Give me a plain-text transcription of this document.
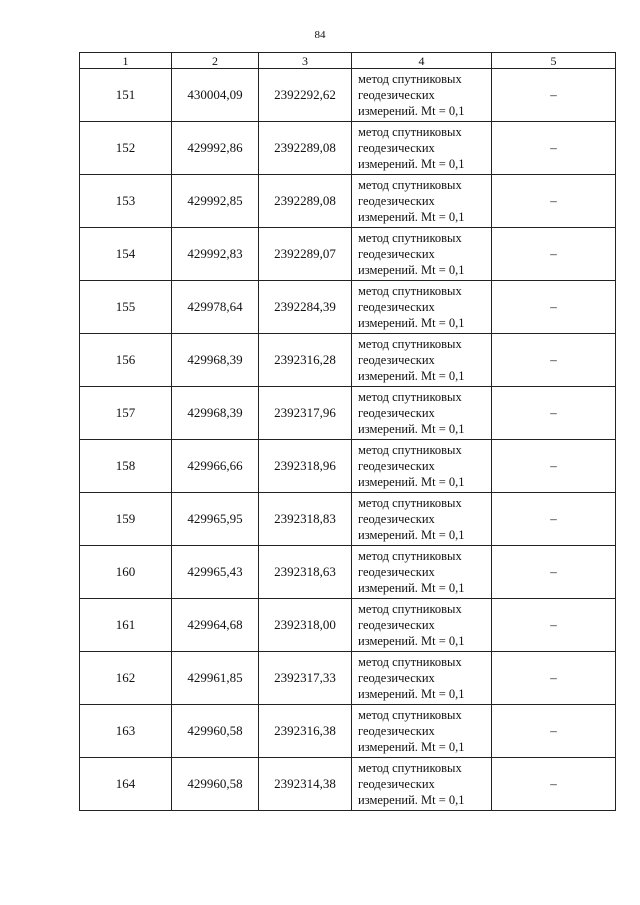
84
1	2	3	4	5
151	430004,09	2392292,62	метод спутниковых
геодезических
измерений. Mt = 0,1	–
152	429992,86	2392289,08	метод спутниковых
геодезических
измерений. Mt = 0,1	–
153	429992,85	2392289,08	метод спутниковых
геодезических
измерений. Mt = 0,1	–
154	429992,83	2392289,07	метод спутниковых
геодезических
измерений. Mt = 0,1	–
155	429978,64	2392284,39	метод спутниковых
геодезических
измерений. Mt = 0,1	–
156	429968,39	2392316,28	метод спутниковых
геодезических
измерений. Mt = 0,1	–
157	429968,39	2392317,96	метод спутниковых
геодезических
измерений. Mt = 0,1	–
158	429966,66	2392318,96	метод спутниковых
геодезических
измерений. Mt = 0,1	–
159	429965,95	2392318,83	метод спутниковых
геодезических
измерений. Mt = 0,1	–
160	429965,43	2392318,63	метод спутниковых
геодезических
измерений. Mt = 0,1	–
161	429964,68	2392318,00	метод спутниковых
геодезических
измерений. Mt = 0,1	–
162	429961,85	2392317,33	метод спутниковых
геодезических
измерений. Mt = 0,1	–
163	429960,58	2392316,38	метод спутниковых
геодезических
измерений. Mt = 0,1	–
164	429960,58	2392314,38	метод спутниковых
геодезических
измерений. Mt = 0,1	–
